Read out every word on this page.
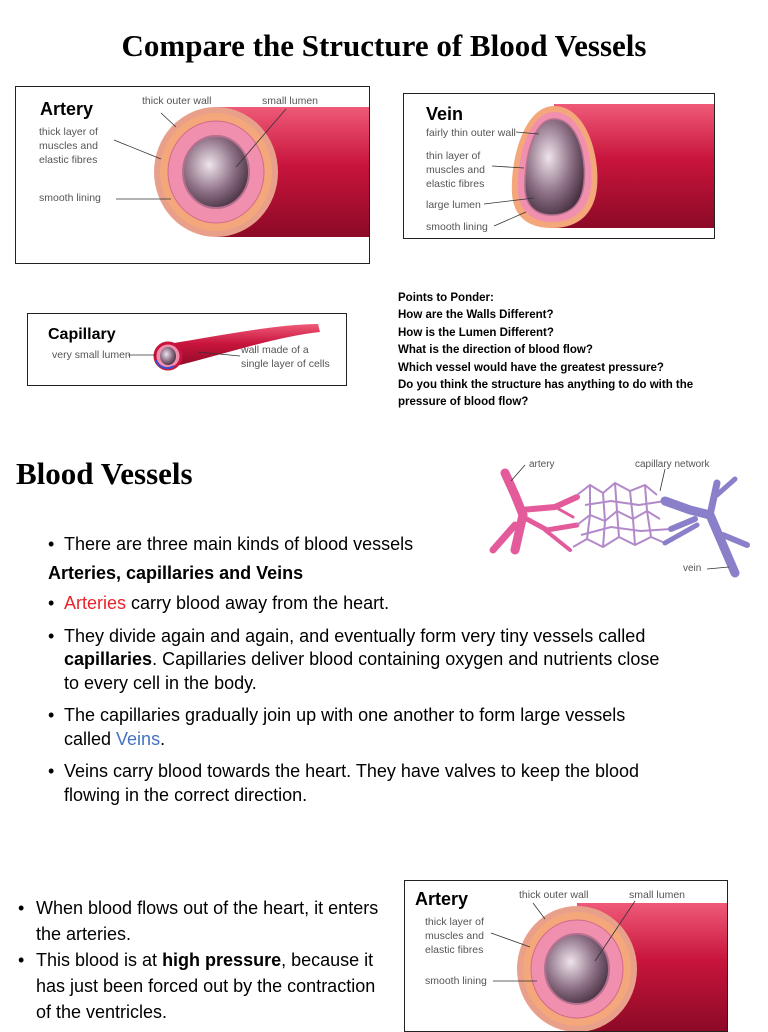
Compare the Structure of Blood Vessels
Artery	thick outer wall	small lumen
thick layer of
muscles and
elastic fibres
smooth lining
Vein
fairly thin outer wall
thin layer of
muscles and
elastic fibres
large lumen
smooth lining
Capillary
very small lumen	wall made of a
single layer of cells
Points to Ponder:
How are the Walls Different?
How is the Lumen Different?
What is the direction of blood flow?
Which vessel would have the greatest pressure?
Do you think the structure has anything to do with the
pressure of blood flow?
Blood Vessels	artery	capillary network
vein
• There are three main kinds of blood vessels
Arteries, capillaries and Veins
• Arteries carry blood away from the heart.
• They divide again and again, and eventually form very tiny vessels called capillaries. Capillaries deliver blood containing oxygen and nutrients close to every cell in the body.
• The capillaries gradually join up with one another to form large vessels called Veins.
• Veins carry blood towards the heart. They have valves to keep the blood flowing in the correct direction.
• When blood flows out of the heart, it enters the arteries.
• This blood is at high pressure, because it has just been forced out by the contraction of the ventricles.
Artery	thick outer wall	small lumen
thick layer of
muscles and
elastic fibres
smooth lining
